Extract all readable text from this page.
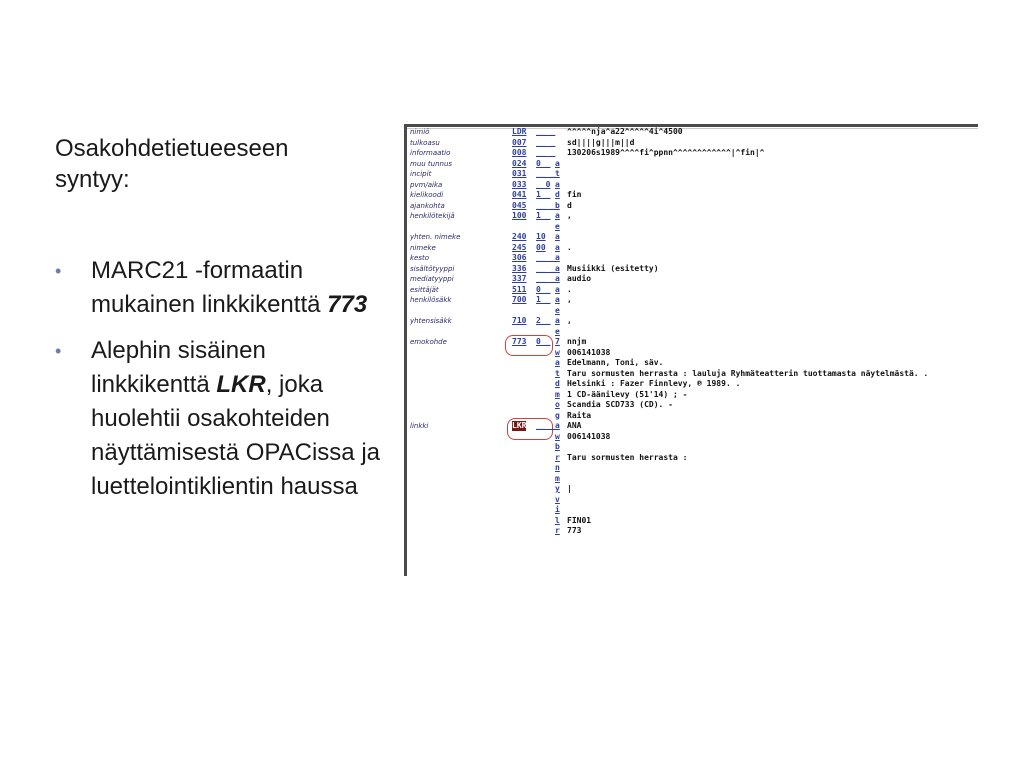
Osakohdetietueeseen
syntyy:
• MARC21 -formaatin mukainen linkkikenttä 773
• Alephin sisäinen linkkikenttä LKR, joka huolehtii osakohteiden näyttämisestä OPACissa ja luettelointiklientin haussa
nimiö
tulkoasu
informaatio
muu tunnus
incipit
pvm/aika
kielikoodi
ajankohta
henkilötekijä
yhten. nimeke
nimeke
kesto
sisältötyyppi
mediatyyppi
esittäjät
henkilösäkk
yhtensisäkk
emokohde
linkki
LDR
007
008
024
031
033
041
045
100
240
245
306
336
337
511
700
710
773
LKR
__ _
__ _
__ _
0 _
__ _
_ 0
1 _
__ _
1 _
10
00
__ _
__ _
__ _
0 _
1 _
2 _
0 _
__ _
a
t
a
d
b
a
e
a
a
a
a
a
a
a
e
a
e
7
w
a
t
d
m
o
g
a
w
b
r
n
m
y
v
i
l
r
^^^^^nja^a22^^^^^4i^4500
sd||||g|||m||d
130206s1989^^^^fi^ppnn^^^^^^^^^^^^|^fin|^
fin
d
,
.
Musiikki (esitetty)
audio
.
,
,
nnjm
006141038
Edelmann, Toni, säv.
Taru sormusten herrasta : lauluja Ryhmäteatterin tuottamasta näytelmästä. .
Helsinki : Fazer Finnlevy, ℗ 1989. .
1 CD-äänilevy (51'14) ; -
Scandia SCD733 (CD). -
Raita
ANA
006141038
Taru sormusten herrasta :
|
FIN01
773
